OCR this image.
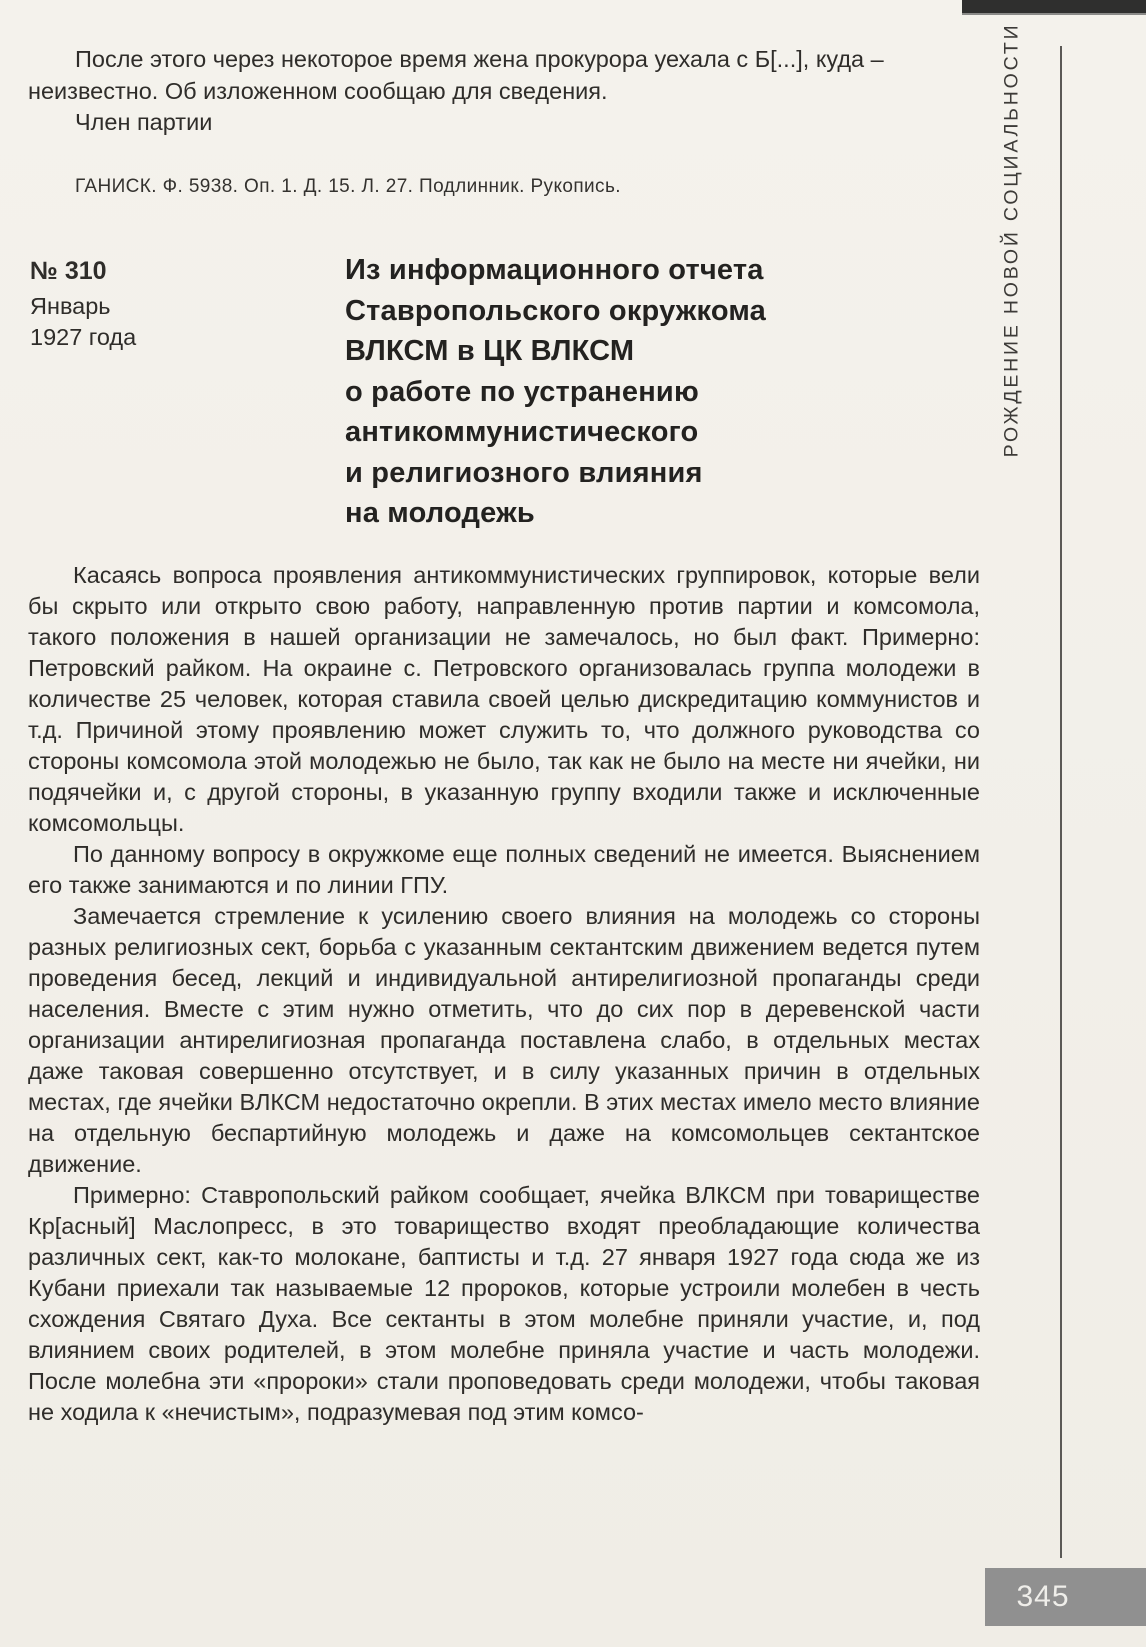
После этого через некоторое время жена прокурора уехала с Б[...], куда – неизвестно. Об изложенном сообщаю для сведения.

Член партии

ГАНИСК. Ф. 5938. Оп. 1. Д. 15. Л. 27. Подлинник. Рукопись.
№ 310
Январь
1927 года
Из информационного отчета
Ставропольского окружкома
ВЛКСМ в ЦК ВЛКСМ
о работе по устранению
антикоммунистического
и религиозного влияния
на молодежь

Касаясь вопроса проявления антикоммунистических группировок, которые вели бы скрыто или открыто свою работу, направленную против партии и комсомола, такого положения в нашей организации не замечалось, но был факт. Примерно: Петровский райком. На окраине с. Петровского организовалась группа молодежи в количестве 25 человек, которая ставила своей целью дискредитацию коммунистов и т.д. Причиной этому проявлению может служить то, что должного руководства со стороны комсомола этой молодежью не было, так как не было на месте ни ячейки, ни подячейки и, с другой стороны, в указанную группу входили также и исключенные комсомольцы.

По данному вопросу в окружкоме еще полных сведений не имеется. Выяснением его также занимаются и по линии ГПУ.

Замечается стремление к усилению своего влияния на молодежь со стороны разных религиозных сект, борьба с указанным сектантским движением ведется путем проведения бесед, лекций и индивидуальной антирелигиозной пропаганды среди населения. Вместе с этим нужно отметить, что до сих пор в деревенской части организации антирелигиозная пропаганда поставлена слабо, в отдельных местах даже таковая совершенно отсутствует, и в силу указанных причин в отдельных местах, где ячейки ВЛКСМ недостаточно окрепли. В этих местах имело место влияние на отдельную беспартийную молодежь и даже на комсомольцев сектантское движение.

Примерно: Ставропольский райком сообщает, ячейка ВЛКСМ при товариществе Кр[асный] Маслопресс, в это товарищество входят преобладающие количества различных сект, как-то молокане, баптисты и т.д. 27 января 1927 года сюда же из Кубани приехали так называемые 12 пророков, которые устроили молебен в честь схождения Святаго Духа. Все сектанты в этом молебне приняли участие, и, под влиянием своих родителей, в этом молебне приняла участие и часть молодежи. После молебна эти «пророки» стали проповедовать среди молодежи, чтобы таковая не ходила к «нечистым», подразумевая под этим комсо-

РОЖДЕНИЕ НОВОЙ СОЦИАЛЬНОСТИ
345
